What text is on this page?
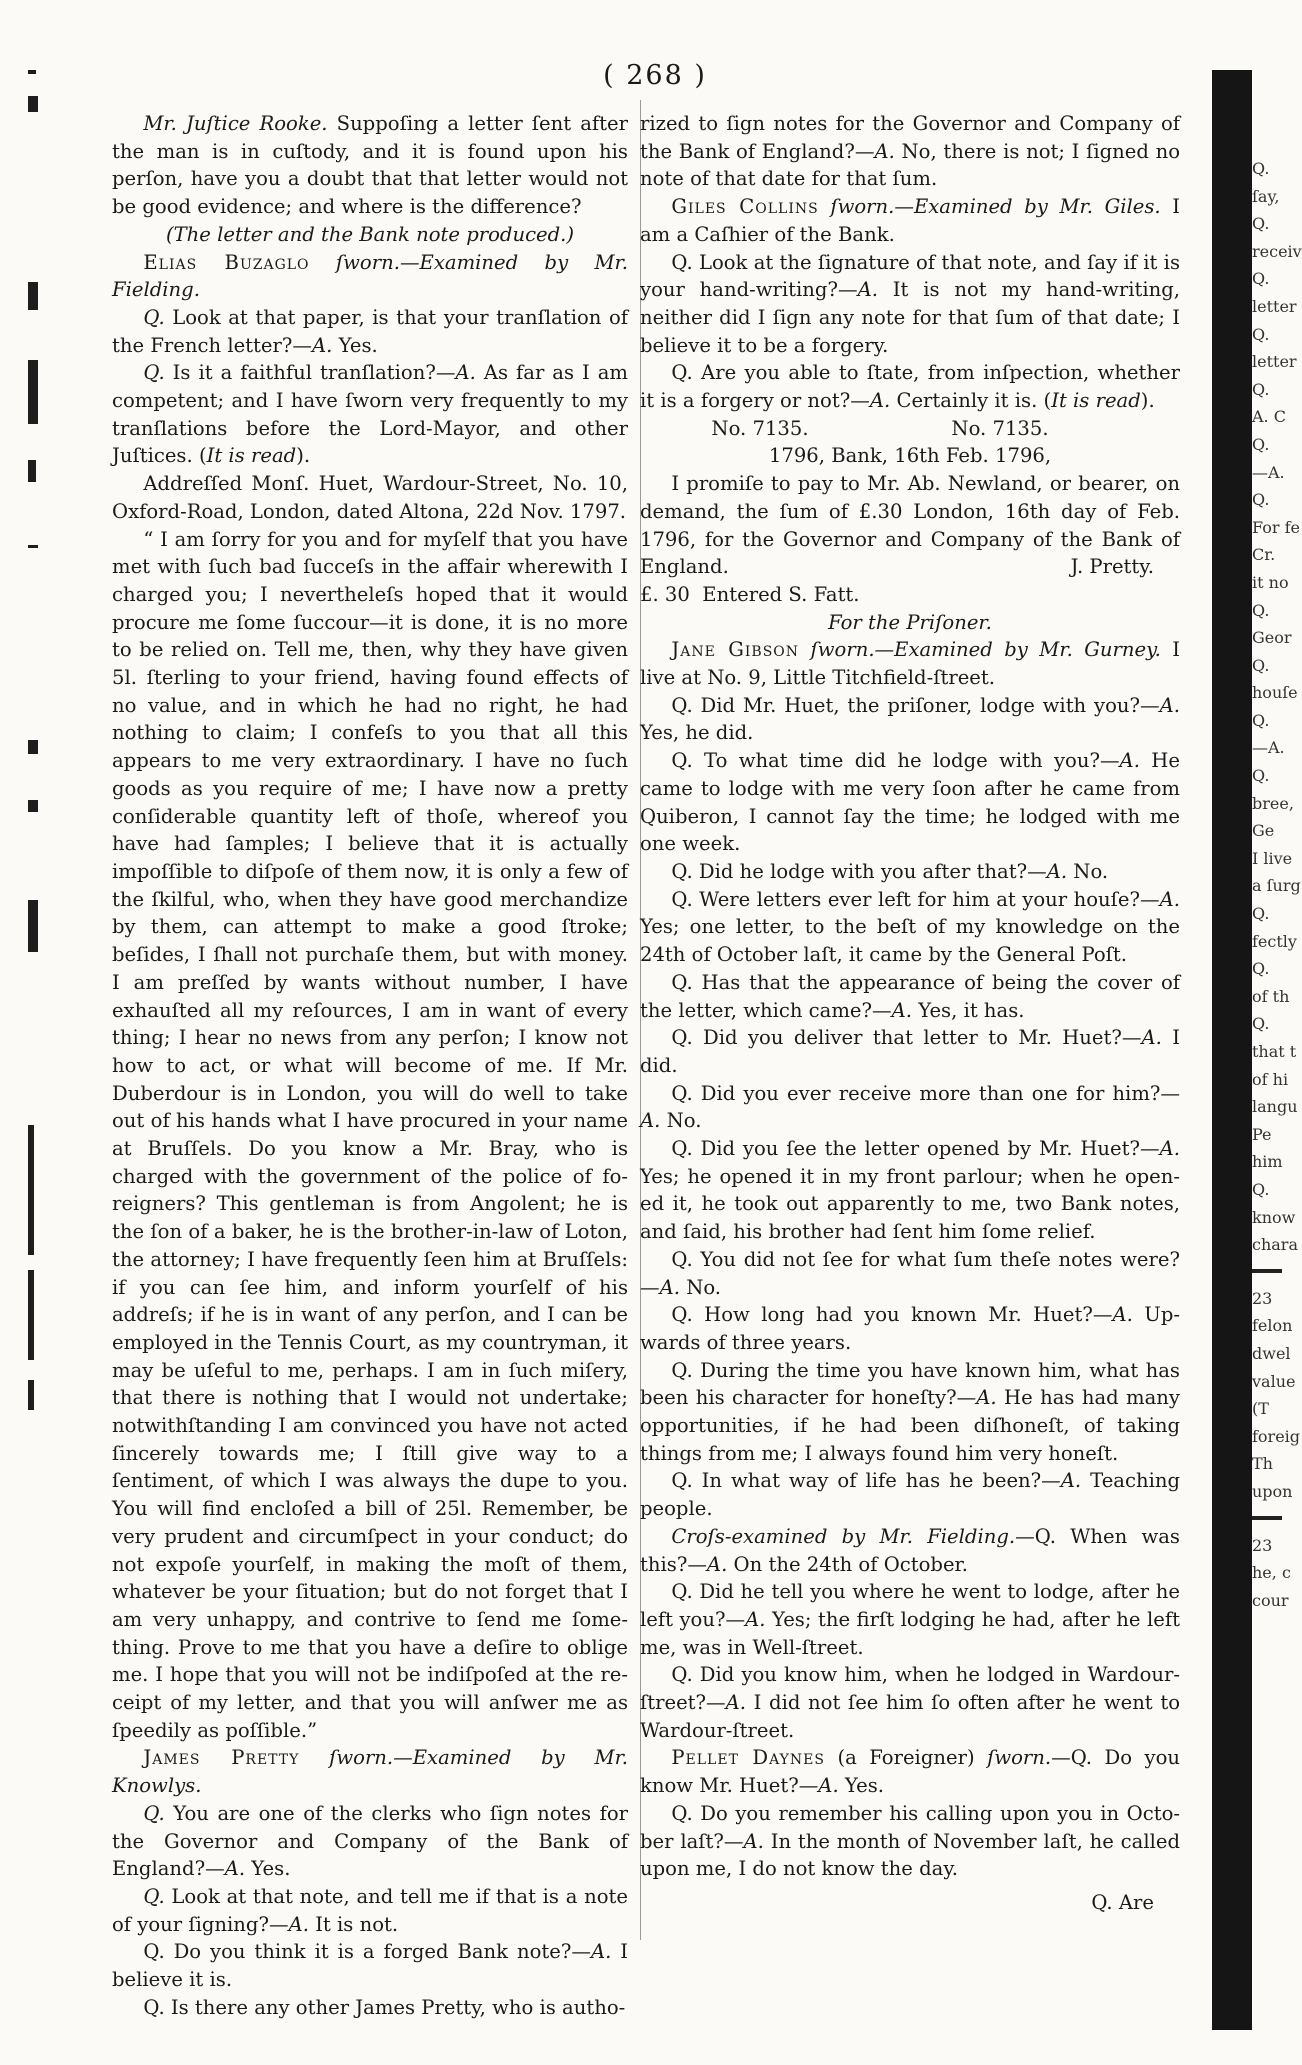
( 268 )

Mr. Juſtice Rooke. Suppoſing a letter ſent after the man is in cuſtody, and it is found upon his perſon, have you a doubt that that letter would not be good evidence; and where is the difference?

(The letter and the Bank note produced.)

Elias Buzaglo ſworn.—Examined by Mr. Fielding.

Q. Look at that paper, is that your tranſlation of the French letter?—A. Yes.

Q. Is it a faithful tranſlation?—A. As far as I am competent; and I have ſworn very frequently to my tranſlations before the Lord-Mayor, and other Juſtices. (It is read).

Addreſſed Monſ. Huet, Wardour-Street, No. 10, Oxford-Road, London, dated Altona, 22d Nov. 1797.

“ I am ſorry for you and for myſelf that you have met with ſuch bad ſucceſs in the affair wherewith I charged you; I nevertheleſs hoped that it would procure me ſome ſuccour—it is done, it is no more to be relied on. Tell me, then, why they have given 5l. ſterling to your friend, having found effects of no value, and in which he had no right, he had nothing to claim; I confeſs to you that all this appears to me very extraordinary. I have no ſuch goods as you require of me; I have now a pretty conſiderable quantity left of thoſe, whereof you have had ſamples; I believe that it is actually impoſſible to diſpoſe of them now, it is only a few of the ſkilful, who, when they have good merchandize by them, can attempt to make a good ſtroke; beſides, I ſhall not purchaſe them, but with money. I am preſſed by wants without number, I have exhauſted all my reſources, I am in want of every thing; I hear no news from any perſon; I know not how to act, or what will become of me. If Mr. Duberdour is in London, you will do well to take out of his hands what I have procured in your name at Bruſſels. Do you know a Mr. Bray, who is charged with the government of the police of foreigners? This gentleman is from Angolent; he is the ſon of a baker, he is the brother-in-law of Loton, the attorney; I have frequently ſeen him at Bruſſels: if you can ſee him, and inform yourſelf of his addreſs; if he is in want of any perſon, and I can be employed in the Tennis Court, as my countryman, it may be uſeful to me, perhaps. I am in ſuch miſery, that there is nothing that I would not undertake; notwithſtanding I am convinced you have not acted ſincerely towards me; I ſtill give way to a ſentiment, of which I was always the dupe to you. You will find encloſed a bill of 25l. Remember, be very prudent and circumſpect in your conduct; do not expoſe yourſelf, in making the moſt of them, whatever be your ſituation; but do not forget that I am very unhappy, and contrive to ſend me ſomething. Prove to me that you have a deſire to oblige me. I hope that you will not be indiſpoſed at the receipt of my letter, and that you will anſwer me as ſpeedily as poſſible.”

James Pretty ſworn.—Examined by Mr. Knowlys.

Q. You are one of the clerks who ſign notes for the Governor and Company of the Bank of England?—A. Yes.

Q. Look at that note, and tell me if that is a note of your ſigning?—A. It is not.

Q. Do you think it is a forged Bank note?—A. I believe it is.

Q. Is there any other James Pretty, who is autho-

rized to ſign notes for the Governor and Company of the Bank of England?—A. No, there is not; I ſigned no note of that date for that ſum.

Giles Collins ſworn.—Examined by Mr. Giles. I am a Caſhier of the Bank.

Q. Look at the ſignature of that note, and ſay if it is your hand-writing?—A. It is not my hand-writing, neither did I ſign any note for that ſum of that date; I believe it to be a forgery.

Q. Are you able to ſtate, from inſpection, whether it is a forgery or not?—A. Certainly it is. (It is read).

No. 7135.	No. 7135.

1796, Bank, 16th Feb. 1796,

I promiſe to pay to Mr. Ab. Newland, or bearer, on demand, the ſum of £.30 London, 16th day of Feb. 1796, for the Governor and Company of the Bank of England.	J. Pretty.

£. 30  Entered S. Fatt.

For the Priſoner.

Jane Gibson ſworn.—Examined by Mr. Gurney. I live at No. 9, Little Titchfield-ſtreet.

Q. Did Mr. Huet, the priſoner, lodge with you?—A. Yes, he did.

Q. To what time did he lodge with you?—A. He came to lodge with me very ſoon after he came from Quiberon, I cannot ſay the time; he lodged with me one week.

Q. Did he lodge with you after that?—A. No.

Q. Were letters ever left for him at your houſe?—A. Yes; one letter, to the beſt of my knowledge on the 24th of October laſt, it came by the General Poſt.

Q. Has that the appearance of being the cover of the letter, which came?—A. Yes, it has.

Q. Did you deliver that letter to Mr. Huet?—A. I did.

Q. Did you ever receive more than one for him?—A. No.

Q. Did you ſee the letter opened by Mr. Huet?—A. Yes; he opened it in my front parlour; when he opened it, he took out apparently to me, two Bank notes, and ſaid, his brother had ſent him ſome relief.

Q. You did not ſee for what ſum theſe notes were?—A. No.

Q. How long had you known Mr. Huet?—A. Upwards of three years.

Q. During the time you have known him, what has been his character for honeſty?—A. He has had many opportunities, if he had been diſhoneſt, of taking things from me; I always found him very honeſt.

Q. In what way of life has he been?—A. Teaching people.

Croſs-examined by Mr. Fielding.—Q. When was this?—A. On the 24th of October.

Q. Did he tell you where he went to lodge, after he left you?—A. Yes; the firſt lodging he had, after he left me, was in Well-ſtreet.

Q. Did you know him, when he lodged in Wardour-ſtreet?—A. I did not ſee him ſo often after he went to Wardour-ſtreet.

Pellet Daynes (a Foreigner) ſworn.—Q. Do you know Mr. Huet?—A. Yes.

Q. Do you remember his calling upon you in October laſt?—A. In the month of November laſt, he called upon me, I do not know the day.

Q. Are

Q.
ſay,
Q.
receiv
Q.
letter
Q.
letter
Q.
A. C
Q.
—A.
Q.
For fe
Cr.
it no
Q.
Geor
Q.
houſe
Q.
—A.
Q.
bree,
Ge
I live
a ſurg
Q.
fectly
Q.
of th
Q.
that t
of hi
langu
Pe
him
Q.
know
chara
23
felon
dwel
value
(T
foreig
Th
upon
23
he, c
cour
